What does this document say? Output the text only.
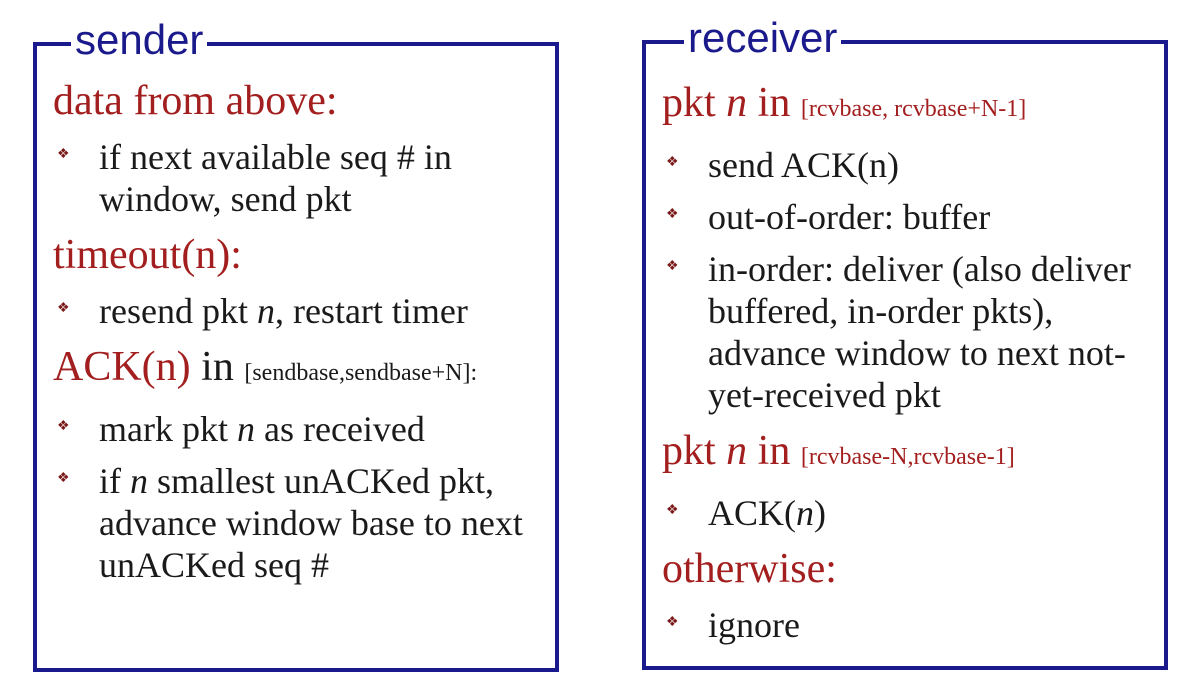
sender
data from above:
❖ if next available seq # in window, send pkt
timeout(n):
❖ resend pkt n, restart timer
ACK(n) in [sendbase,sendbase+N]:
❖ mark pkt n as received
❖ if n smallest unACKed pkt, advance window base to next unACKed seq #
receiver
pkt n in [rcvbase, rcvbase+N-1]
❖ send ACK(n)
❖ out-of-order: buffer
❖ in-order: deliver (also deliver buffered, in-order pkts), advance window to next not-yet-received pkt
pkt n in [rcvbase-N,rcvbase-1]
❖ ACK(n)
otherwise:
❖ ignore
